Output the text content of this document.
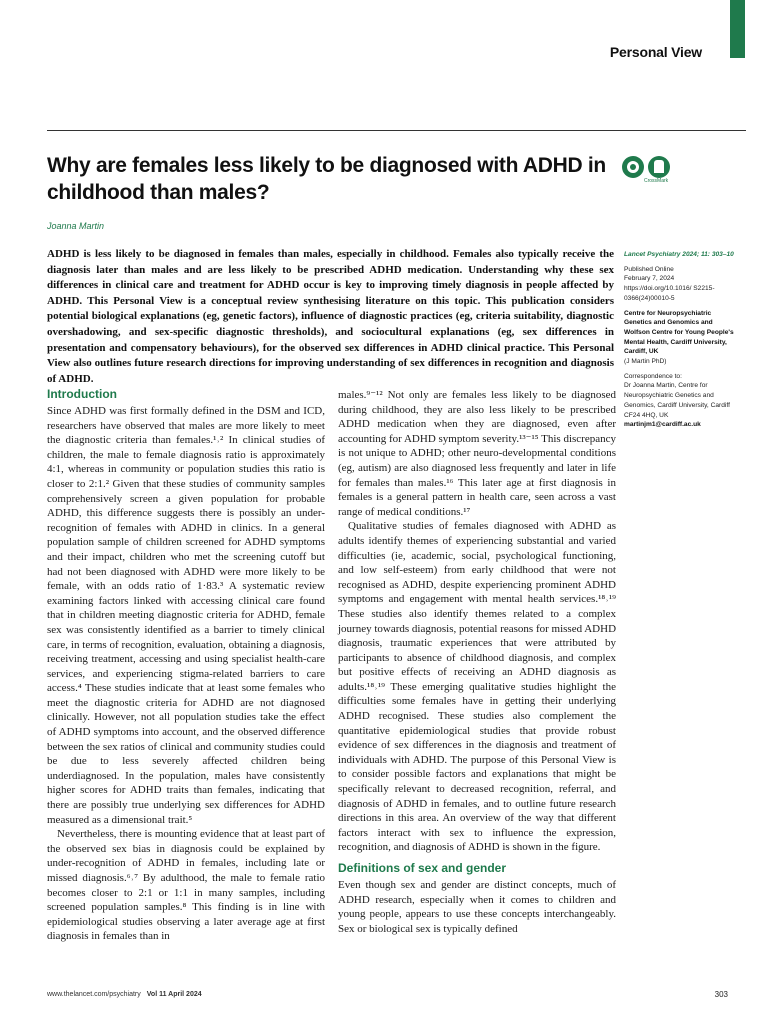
Personal View
Why are females less likely to be diagnosed with ADHD in childhood than males?
Joanna Martin
CrossMark

ADHD is less likely to be diagnosed in females than males, especially in childhood. Females also typically receive the diagnosis later than males and are less likely to be prescribed ADHD medication. Understanding why these sex differences in clinical care and treatment for ADHD occur is key to improving timely diagnosis in people affected by ADHD. This Personal View is a conceptual review synthesising literature on this topic. This publication considers potential biological explanations (eg, genetic factors), influence of diagnostic practices (eg, criteria suitability, diagnostic overshadowing, and sex-specific diagnostic thresholds), and sociocultural explanations (eg, sex differences in presentation and compensatory behaviours), for the observed sex differences in ADHD clinical practice. This Personal View also outlines future research directions for improving understanding of sex differences in recognition and diagnosis of ADHD.

Lancet Psychiatry 2024; 11: 303–10
Published Online
February 7, 2024
https://doi.org/10.1016/ S2215-0366(24)00010-5
Centre for Neuropsychiatric Genetics and Genomics and Wolfson Centre for Young People's Mental Health, Cardiff University, Cardiff, UK
(J Martin PhD)
Correspondence to:
Dr Joanna Martin, Centre for Neuropsychiatric Genetics and Genomics, Cardiff University, Cardiff CF24 4HQ, UK
martinjm1@cardiff.ac.uk
Introduction

Since ADHD was first formally defined in the DSM and ICD, researchers have observed that males are more likely to meet the diagnostic criteria than females.¹˒² In clinical studies of children, the male to female diagnosis ratio is approximately 4:1, whereas in community or population studies this ratio is closer to 2:1.² Given that these studies of community samples comprehensively screen a given population for probable ADHD, this difference suggests there is possibly an under-recognition of females with ADHD in clinics. In a general population sample of children screened for ADHD symptoms and their impact, children who met the screening cutoff but had not been diagnosed with ADHD were more likely to be female, with an odds ratio of 1·83.³ A systematic review examining factors linked with accessing clinical care found that in children meeting diagnostic criteria for ADHD, female sex was consistently identified as a barrier to timely clinical care, in terms of recognition, evaluation, obtaining a diagnosis, receiving treatment, accessing and using specialist health-care services, and experiencing stigma-related barriers to care access.⁴ These studies indicate that at least some females who meet the diagnostic criteria for ADHD are not diagnosed clinically. However, not all population studies take the effect of ADHD symptoms into account, and the observed difference between the sex ratios of clinical and community studies could be due to less severely affected children being underdiagnosed. In the population, males have consistently higher scores for ADHD traits than females, indicating that there are possibly true underlying sex differences for ADHD measured as a dimensional trait.⁵

Nevertheless, there is mounting evidence that at least part of the observed sex bias in diagnosis could be explained by under-recognition of ADHD in females, including late or missed diagnosis.⁶˒⁷ By adulthood, the male to female ratio becomes closer to 2:1 or 1:1 in many samples, including screened population samples.⁸ This finding is in line with epidemiological studies observing a later average age at first diagnosis in females than in

males.⁹⁻¹² Not only are females less likely to be diagnosed during childhood, they are also less likely to be prescribed ADHD medication when they are diagnosed, even after accounting for ADHD symptom severity.¹³⁻¹⁵ This discrepancy is not unique to ADHD; other neuro-developmental conditions (eg, autism) are also diagnosed less frequently and later in life for females than males.¹⁶ This later age at first diagnosis in females is a general pattern in health care, seen across a vast range of medical conditions.¹⁷

Qualitative studies of females diagnosed with ADHD as adults identify themes of experiencing substantial and varied difficulties (ie, academic, social, psychological functioning, and low self-esteem) from early childhood that were not recognised as ADHD, despite experiencing prominent ADHD symptoms and engagement with mental health services.¹⁸˒¹⁹ These studies also identify themes related to a complex journey towards diagnosis, potential reasons for missed ADHD diagnosis, traumatic experiences that were attributed by participants to absence of childhood diagnosis, and complex but positive effects of receiving an ADHD diagnosis as adults.¹⁸˒¹⁹ These emerging qualitative studies highlight the difficulties some females have in getting their underlying ADHD recognised. These studies also complement the quantitative epidemiological studies that provide robust evidence of sex differences in the diagnosis and treatment of individuals with ADHD. The purpose of this Personal View is to consider possible factors and explanations that might be specifically relevant to decreased recognition, referral, and diagnosis of ADHD in females, and to outline future research directions in this area. An overview of the way that different factors interact with sex to influence the expression, recognition, and diagnosis of ADHD is shown in the figure.

Definitions of sex and gender

Even though sex and gender are distinct concepts, much of ADHD research, especially when it comes to children and young people, appears to use these concepts interchangeably. Sex or biological sex is typically defined

www.thelancet.com/psychiatry Vol 11 April 2024	303
